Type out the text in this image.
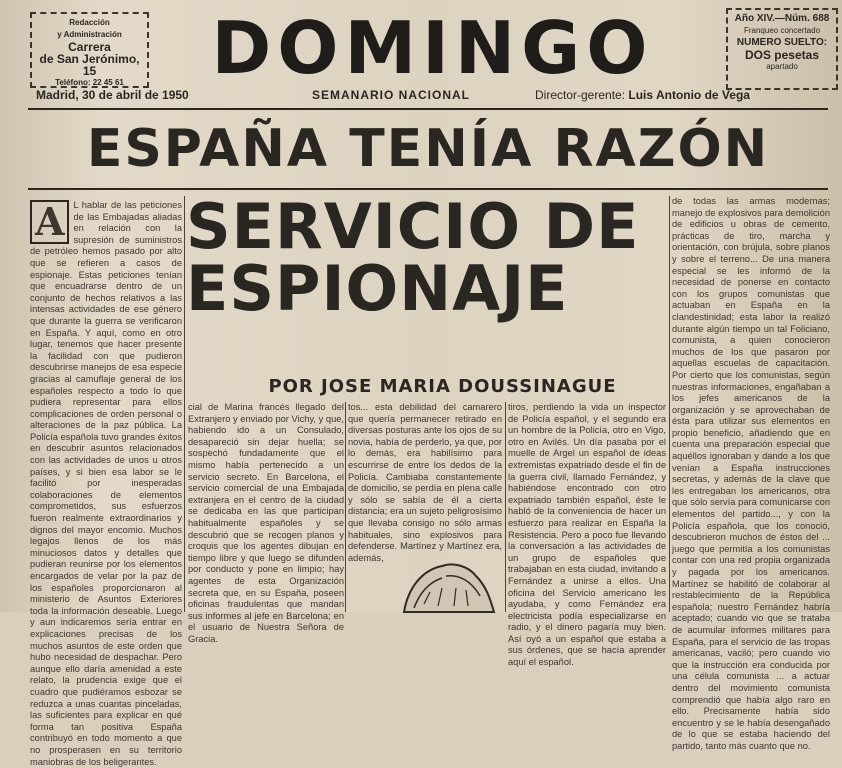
Redacción
y Administración
Carrera
de San Jerónimo, 15
Teléfono: 22 45 61	DOMINGO	Año XIV.—Núm. 688
Franqueo concertado
NUMERO SUELTO:
DOS pesetas
apartado
Madrid, 30 de abril de 1950	SEMANARIO NACIONAL	Director-gerente: Luis Antonio de Vega
ESPAÑA TENÍA RAZÓN
A L hablar de las peticiones de las Embajadas aliadas en relación con la supresión de suministros de petróleo hemos pasado por alto que se refieren a casos de espionaje. Estas peticiones tenían que encuadrarse dentro de un conjunto de hechos relativos a las intensas actividades de ese género que durante la guerra se verificaron en España. Y aquí, como en otro lugar, tenemos que hacer presente la facilidad con que pudieron descubrirse manejos de esa especie gracias al camuflaje general de los españoles respecto a todo lo que pudiera representar para ellos complicaciones de orden personal o alteraciones de la paz pública. La Policía española tuvo grandes éxitos en descubrir asuntos relacionados con las actividades de unos u otros países, y si bien esa labor se le facilitó por inesperadas colaboraciones de elementos comprometidos, sus esfuerzos fueron realmente extraordinarios y dignos del mayor encomio. Muchos legajos llenos de los más minuciosos datos y detalles que pudieran reunirse por los elementos encargados de velar por la paz de los españoles proporcionaron al ministerio de Asuntos Exteriores toda la información deseable. Luego y aun indicaremos sería entrar en explicaciones precisas de los muchos asuntos de este orden que hubo necesidad de despachar. Pero aunque ello daría amenidad a este relato, la prudencia exige que el cuadro que pudiéramos esbozar se reduzca a unas cuantas pinceladas, las suficientes para explicar en qué forma tan positiva España contribuyó en todo momento a que no prosperasen en su territorio maniobras de los beligerantes.
SERVICIO DE
ESPIONAJE
POR JOSE MARIA DOUSSINAGUE
cial de Marina francés llegado del Extranjero y enviado por Vichy, y que, habiendo ido a un Consulado, desapareció sin dejar huella; se sospechó fundadamente que el mismo había pertenecido a un servicio secreto. En Barcelona, el servicio comercial de una Embajada extranjera en el centro de la ciudad se dedicaba en las que participan habitualmente españoles y se descubrió que se recogen planos y croquis que los agentes dibujan en tiempo libre y que luego se difunden por conducto y pone en limpio; hay agentes de esta Organización secreta que, en su España, poseen oficinas fraudulentas que mandan sus informes al jefe en Barcelona; en el usuario de Nuestra Señora de Gracia.
tos... esta debilidad del camarero que quería permanecer retirado en diversas posturas ante los ojos de su novia, había de perderlo, ya que, por lo demás, era habilísimo para escurrirse de entre los dedos de la Policía. Cambiaba constantemente de domicilio, se perdía en plena calle y sólo se sabía de él a cierta distancia; era un sujeto peligrosísimo que llevaba consigo no sólo armas habituales, sino explosivos para defenderse. Martínez y Martínez era, además,
tiros, perdiendo la vida un inspector de Policía español, y el segundo era un hombre de la Policía, otro en Vigo, otro en Avilés. Un día pasaba por el muelle de Argel un español de ideas extremistas expatriado desde el fin de la guerra civil, llamado Fernández, y habiéndose encontrado con otro expatriado también español, éste le habló de la conveniencia de hacer un esfuerzo para realizar en España la Resistencia. Pero a poco fue llevando la conversación a las actividades de un grupo de españoles que trabajaban en esta ciudad, invitando a Fernández a unirse a ellos. Una oficina del Servicio americano les ayudaba, y como Fernández era electricista podía especializarse en radio, y el dinero pagaría muy bien. Así oyó a un español que estaba a sus órdenes, que se hacía aprender aquí el español.
de todas las armas modernas; manejo de explosivos para demolición de edificios u obras de cemento, prácticas de tiro, marcha y orientación, con brújula, sobre planos y sobre el terreno... De una manera especial se les informó de la necesidad de ponerse en contacto con los grupos comunistas que actuaban en España en la clandestinidad; esta labor la realizó durante algún tiempo un tal Foliciano, comunista, a quien conocieron muchos de los que pasaron por aquellas escuelas de capacitación. Por cierto que los comunistas, según nuestras informaciones, engañaban a los jefes americanos de la organización y se aprovechaban de ésta para utilizar sus elementos en propio beneficio, añadiendo que en cuenta una preparación especial que aquéllos ignoraban y dando a los que venían a España instrucciones secretas, y además de la clave que les entregaban los americanos, otra que sólo servía para comunicarse con elementos del partido..., y con la Policía española, que los conoció, descubrieron muchos de éstos del ... juego que permitía a los comunistas contar con una red propia organizada y pagada por los americanos. Martínez se habilitó de colaborar al restablecimiento de la República española; nuestro Fernández habría aceptado; cuando vio que se trataba de acumular informes militares para España, para el servicio de las tropas americanas, vaciló; pero cuando vio que la instrucción era conducida por una célula comunista ... a actuar dentro del movimiento comunista comprendió que había algo raro en ello. Precisamente había sido encuentro y se le había desengañado de lo que se estaba haciendo del partido, tanto más cuanto que no.
